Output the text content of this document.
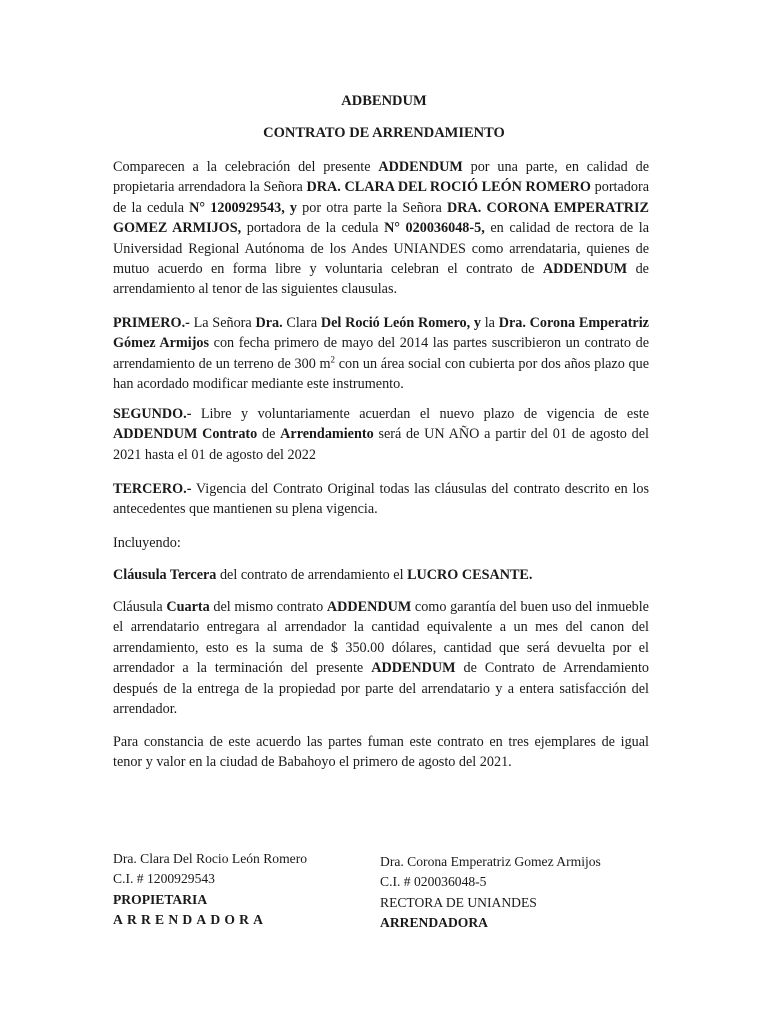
ADBENDUM
CONTRATO DE ARRENDAMIENTO

Comparecen a la celebración del presente ADDENDUM por una parte, en calidad de propietaria arrendadora la Señora DRA. CLARA DEL ROCIÓ LEÓN ROMERO portadora de la cedula N° 1200929543, y por otra parte la Señora DRA. CORONA EMPERATRIZ GOMEZ ARMIJOS, portadora de la cedula N° 020036048-5, en calidad de rectora de la Universidad Regional Autónoma de los Andes UNIANDES como arrendataria, quienes de mutuo acuerdo en forma libre y voluntaria celebran el contrato de ADDENDUM de arrendamiento al tenor de las siguientes clausulas.

PRIMERO.- La Señora Dra. Clara Del Roció León Romero, y la Dra. Corona Emperatriz Gómez Armijos con fecha primero de mayo del 2014 las partes suscribieron un contrato de arrendamiento de un terreno de 300 $m^2$ con un área social con cubierta por dos años plazo que han acordado modificar mediante este instrumento.

SEGUNDO.- Libre y voluntariamente acuerdan el nuevo plazo de vigencia de este ADDENDUM Contrato de Arrendamiento será de UN AÑO a partir del 01 de agosto del 2021 hasta el 01 de agosto del 2022

TERCERO.- Vigencia del Contrato Original todas las cláusulas del contrato descrito en los antecedentes que mantienen su plena vigencia.

Incluyendo:

Cláusula Tercera del contrato de arrendamiento el LUCRO CESANTE.

Cláusula Cuarta del mismo contrato ADDENDUM como garantía del buen uso del inmueble el arrendatario entregara al arrendador la cantidad equivalente a un mes del canon del arrendamiento, esto es la suma de $ 350.00 dólares, cantidad que será devuelta por el arrendador a la terminación del presente ADDENDUM de Contrato de Arrendamiento después de la entrega de la propiedad por parte del arrendatario y a entera satisfacción del arrendador.

Para constancia de este acuerdo las partes fuman este contrato en tres ejemplares de igual tenor y valor en la ciudad de Babahoyo el primero de agosto del 2021.

Dra. Clara Del Rocio León Romero
C.I. # 1200929543
PROPIETARIA
ARRENDADORA
Dra. Corona Emperatriz Gomez Armijos
C.I. # 020036048-5
RECTORA DE UNIANDES
ARRENDADORA
